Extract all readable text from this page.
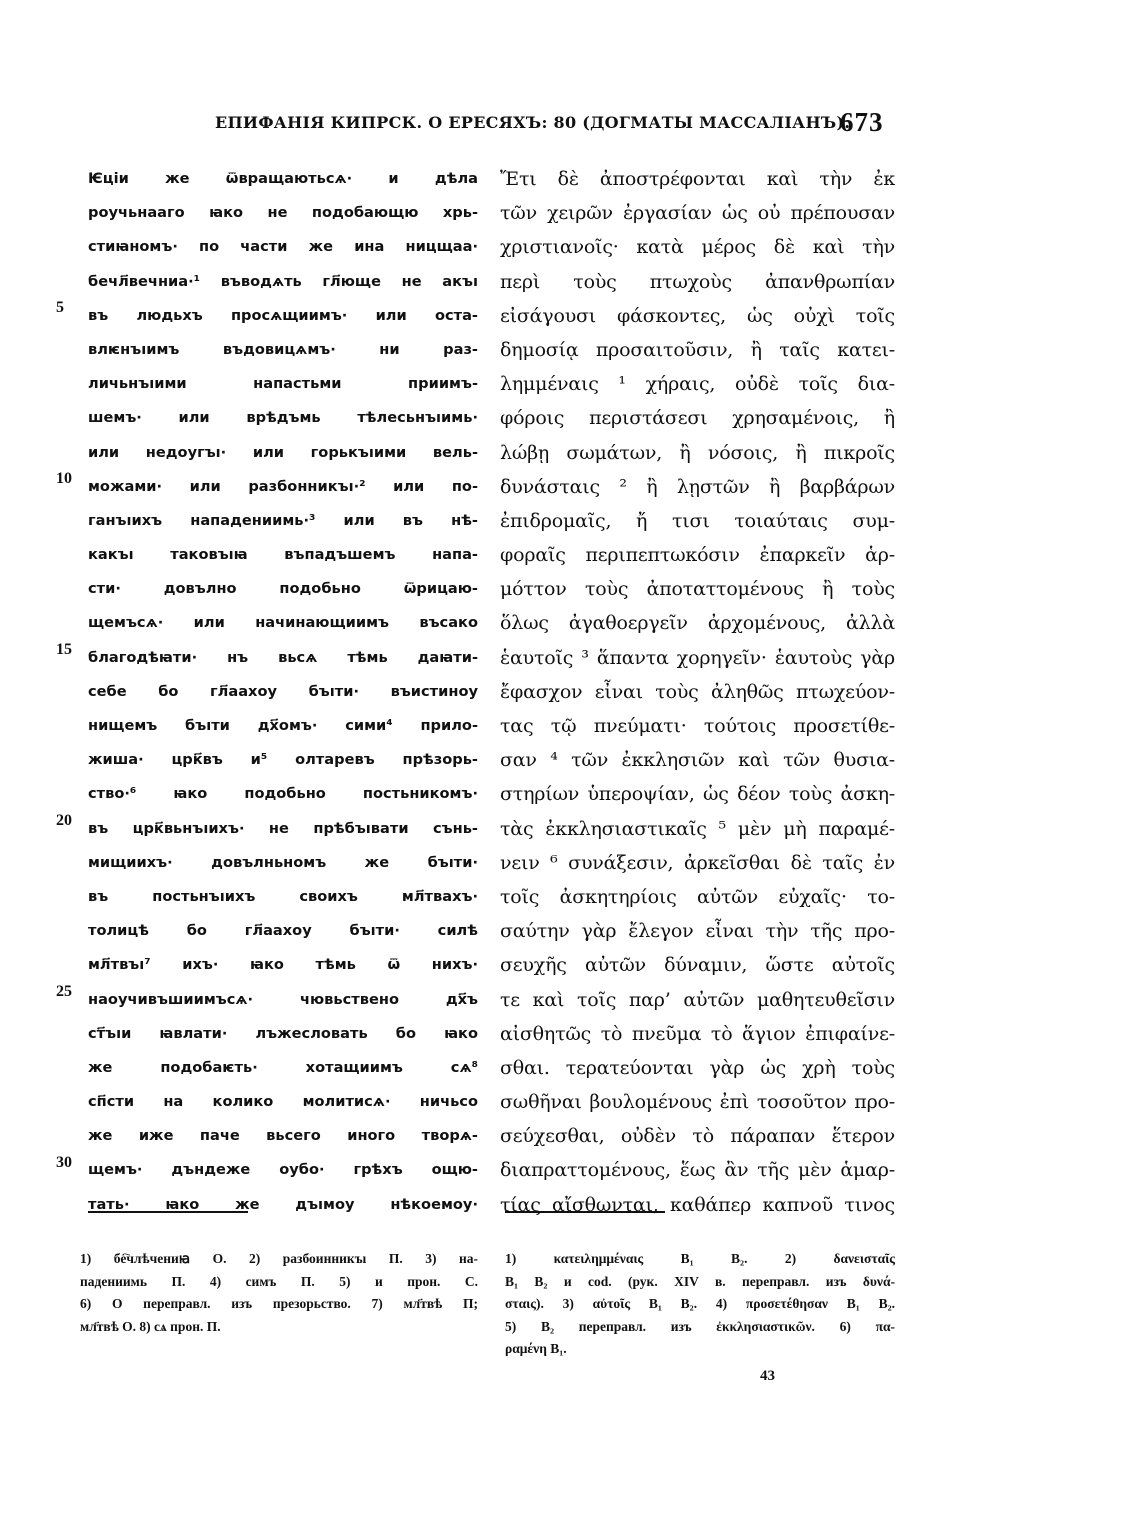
ЕПИФАНІЯ КИПРСК. О ЕРЕСЯХЪ: 80 (ДОГМАТЫ МАССАЛІАНЪ).
673
5
10
15
20
25
30
Ѥціи же ѿвращаютьсѧ· и дѣла
роучьнааго ꙗко не подобающю хрь-
стиꙗномъ· по части же ина ницщаа·
бечл҃вечниа·¹ въводѧть гл҃юще не акъı
въ людьхъ просѧщиимъ· или оста-
влѥнъıимъ въдовицѧмъ· ни раз-
личьнъıими напастьми приимъ-
шемъ· или врѣдъмь тѣлесьнъıимь·
или недоугъı· или горькъıими вель-
можами· или разбонникъı·² или по-
ганъıихъ нападениимь·³ или въ нѣ-
какъı таковъıꙗ въпадъшемъ напа-
сти· довълно подобьно ѿрицаю-
щемъсѧ· или начинающиимъ въсако
благодѣꙗти· нъ вьсѧ тѣмь даꙗти-
себе бо гл҃аахоу бъıти· въистиноу
нищемъ бъıти дх҃омъ· сими⁴ прило-
жиша· црк҃въ и⁵ олтаревъ прѣзорь-
ство·⁶ ꙗко подобьно постьникомъ·
въ црк҃вьнъıихъ· не прѣбъıвати сънь-
мищиихъ· довълньномъ же бъıти·
въ постьнъıихъ своихъ мл҃твахъ·
толицѣ бо гл҃аахоу бъıти· силѣ
мл҃твъı⁷ ихъ· ꙗко тѣмь ѿ нихъ·
наоучивъшиимъсѧ· чювьствено дх҃ъ
ст҃ъıи ꙗвлати· лъжесловать бо ꙗко
же подобаѥть· хотащиимъ сѧ⁸
сп҃сти на колико молитисѧ· ничьсо
же иже паче вьсего иного творѧ-
щемъ· дъндеже оубо· грѣхъ ощю-
тать· ꙗко же дъıмоу нѣкоемоу·
Ἔτι δὲ ἀποστρέφονται καὶ τὴν ἐκ
τῶν χειρῶν ἐργασίαν ὡς οὐ πρέπουσαν
χριστιανοῖς· κατὰ μέρος δὲ καὶ τὴν
περὶ τοὺς πτωχοὺς ἀπανθρωπίαν
εἰσάγουσι φάσκοντες, ὡς οὐχὶ τοῖς
δημοσίᾳ προσαιτοῦσιν, ἢ ταῖς κατει-
λημμέναις ¹ χήραις, οὐδὲ τοῖς δια-
φόροις περιστάσεσι χρησαμένοις, ἢ
λώβῃ σωμάτων, ἢ νόσοις, ἢ πικροῖς
δυνάσταις ² ἢ λῃστῶν ἢ βαρβάρων
ἐπιδρομαῖς, ἤ τισι τοιαύταις συμ-
φοραῖς περιπεπτωκόσιν ἐπαρκεῖν ἁρ-
μόττον τοὺς ἀποταττομένους ἢ τοὺς
ὅλως ἀγαθοεργεῖν ἀρχομένους, ἀλλὰ
ἑαυτοῖς ³ ἅπαντα χορηγεῖν· ἑαυτοὺς γὰρ
ἔφασχον εἶναι τοὺς ἀληθῶς πτωχεύον-
τας τῷ πνεύματι· τούτοις προσετίθε-
σαν ⁴ τῶν ἐκκλησιῶν καὶ τῶν θυσια-
στηρίων ὑπεροψίαν, ὡς δέον τοὺς ἀσκη-
τὰς ἐκκλησιαστικαῖς ⁵ μὲν μὴ παραμέ-
νειν ⁶ συνάξεσιν, ἀρκεῖσθαι δὲ ταῖς ἐν
τοῖς ἀσκητηρίοις αὐτῶν εὐχαῖς· το-
σαύτην γὰρ ἔλεγον εἶναι τὴν τῆς προ-
σευχῆς αὐτῶν δύναμιν, ὥστε αὐτοῖς
τε καὶ τοῖς παρ’ αὐτῶν μαθητευθεῖσιν
αἰσθητῶς τὸ πνεῦμα τὸ ἅγιον ἐπιφαίνε-
σθαι. τερατεύονται γὰρ ὡς χρὴ τοὺς
σωθῆναι βουλομένους ἐπὶ τοσοῦτον προ-
σεύχεσθαι, οὐδὲν τὸ πάραπαν ἕτερον
διαπραττομένους, ἕως ἂν τῆς μὲν ἁμαρ-
τίας αἴσθωνται, καθάπερ καπνοῦ τινος
1) бе҇члѣчениꙗ О. 2) разбоинникъı П. 3) на-
падениимь П. 4) симъ П. 5) и прон. С.
6) О переправл. изъ презорьство. 7) мл҃твѣ П;
мл҃твѣ О. 8) сѧ прон. П.
1) κατειλημμέναις B₁ B₂. 2) δανεισταῖς
B₁ B₂ и cod. (рук. XIV в. переправл. изъ δυνά-
σταις). 3) αὐτοῖς B₁ B₂. 4) προσετέθησαν B₁ B₂.
5) B₂ переправл. изъ ἐκκλησιαστικῶν. 6) πα-
ραμένη B₁.
43
